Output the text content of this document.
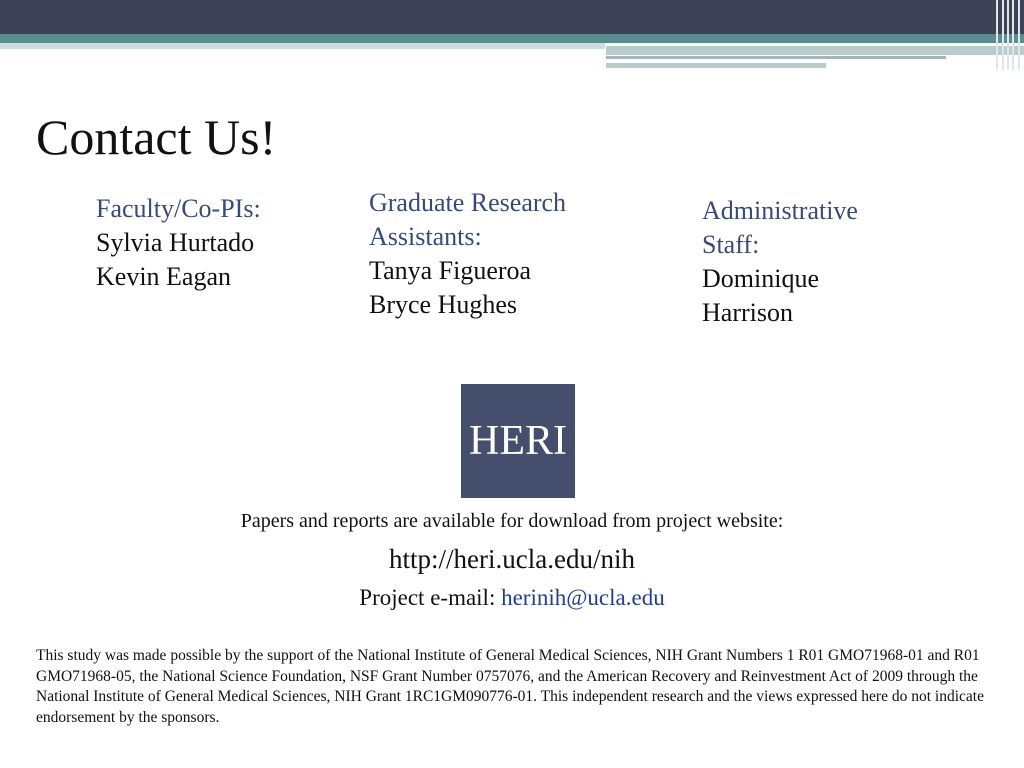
Contact Us!
Faculty/Co-PIs:
Sylvia Hurtado
Kevin Eagan
Graduate Research
Assistants:
Tanya Figueroa
Bryce Hughes
Administrative
Staff:
Dominique
Harrison
HERI
Papers and reports are available for download from project website:
http://heri.ucla.edu/nih
Project e-mail: herinih@ucla.edu
This study was made possible by the support of the National Institute of General Medical Sciences, NIH Grant Numbers 1 R01 GMO71968-01 and R01 GMO71968-05, the National Science Foundation, NSF Grant Number 0757076, and the American Recovery and Reinvestment Act of 2009 through the National Institute of General Medical Sciences, NIH Grant 1RC1GM090776-01. This independent research and the views expressed here do not indicate endorsement by the sponsors.
